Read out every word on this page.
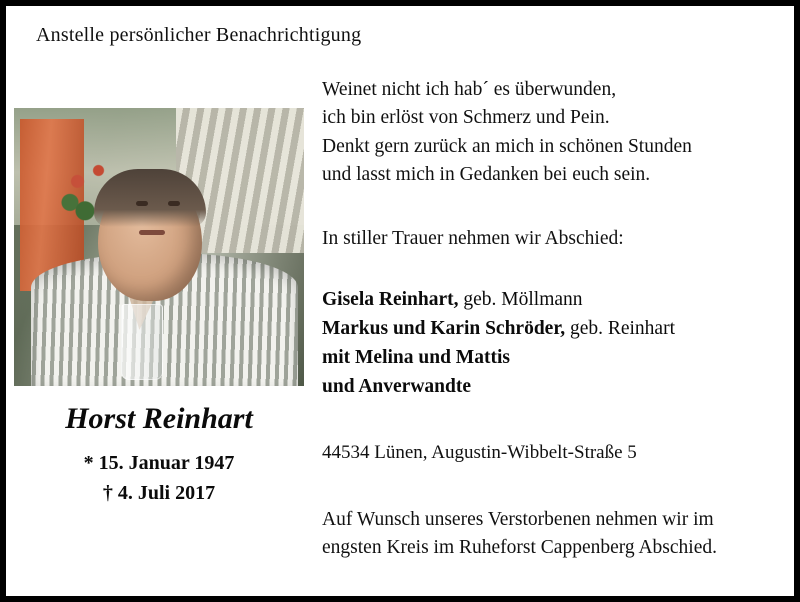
Anstelle persönlicher Benachrichtigung
Horst Reinhart
* 15. Januar 1947
† 4. Juli 2017
Weinet nicht ich hab´ es überwunden,
ich bin erlöst von Schmerz und Pein.
Denkt gern zurück an mich in schönen Stunden
und lasst mich in Gedanken bei euch sein.
In stiller Trauer nehmen wir Abschied:
Gisela Reinhart, geb. Möllmann
Markus und Karin Schröder, geb. Reinhart
mit Melina und Mattis
und Anverwandte
44534 Lünen, Augustin-Wibbelt-Straße 5
Auf Wunsch unseres Verstorbenen nehmen wir im
engsten Kreis im Ruheforst Cappenberg Abschied.
